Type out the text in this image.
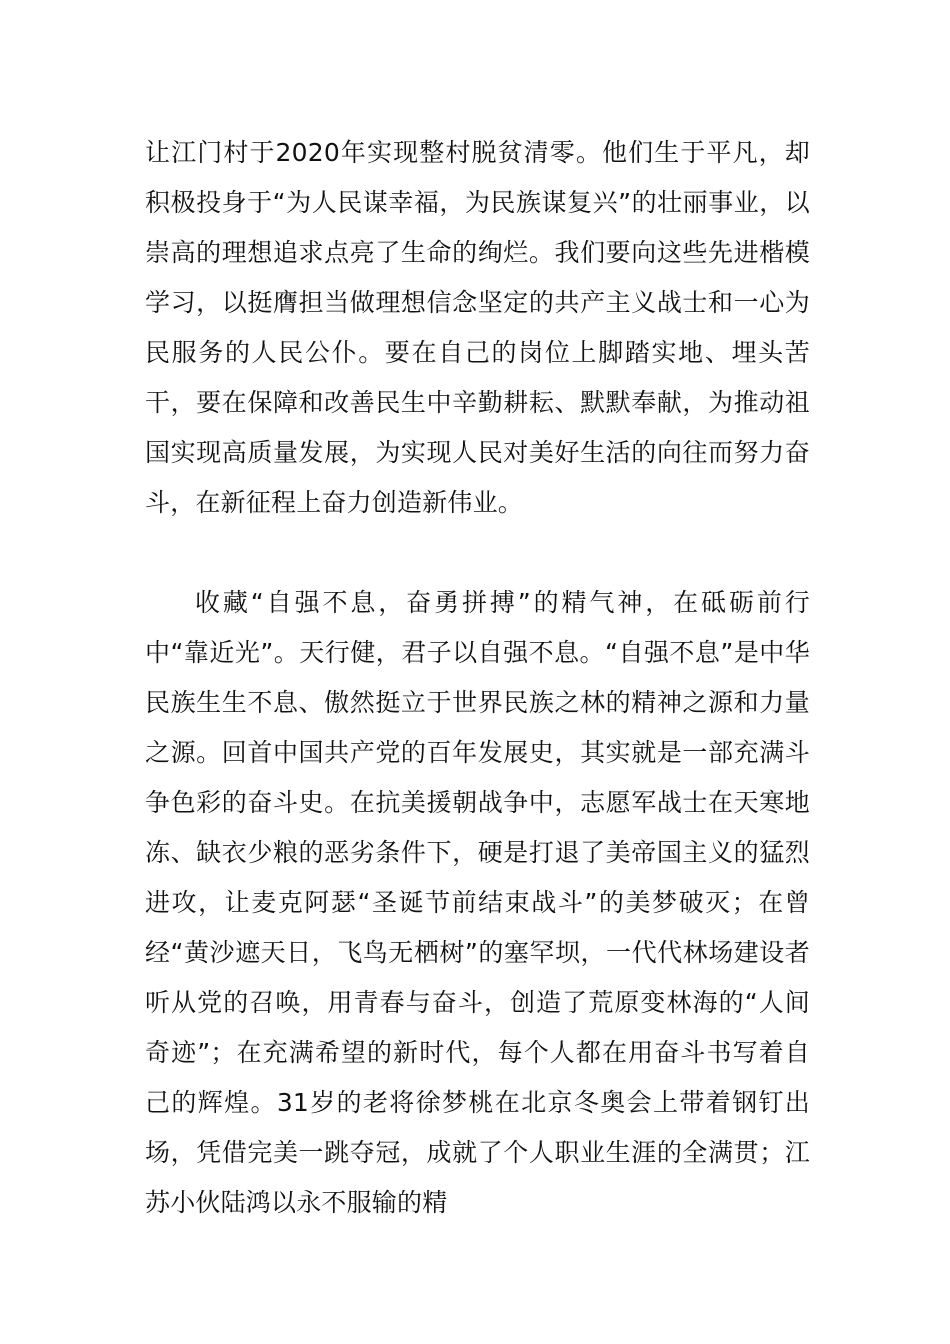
让江门村于2020年实现整村脱贫清零。他们生于平凡，却积极投身于“为人民谋幸福，为民族谋复兴”的壮丽事业，以崇高的理想追求点亮了生命的绚烂。我们要向这些先进楷模学习，以挺膺担当做理想信念坚定的共产主义战士和一心为民服务的人民公仆。要在自己的岗位上脚踏实地、埋头苦干，要在保障和改善民生中辛勤耕耘、默默奉献，为推动祖国实现高质量发展，为实现人民对美好生活的向往而努力奋斗，在新征程上奋力创造新伟业。

收藏“自强不息，奋勇拼搏”的精气神，在砥砺前行中“靠近光”。天行健，君子以自强不息。“自强不息”是中华民族生生不息、傲然挺立于世界民族之林的精神之源和力量之源。回首中国共产党的百年发展史，其实就是一部充满斗争色彩的奋斗史。在抗美援朝战争中，志愿军战士在天寒地冻、缺衣少粮的恶劣条件下，硬是打退了美帝国主义的猛烈进攻，让麦克阿瑟“圣诞节前结束战斗”的美梦破灭；在曾经“黄沙遮天日，飞鸟无栖树”的塞罕坝，一代代林场建设者听从党的召唤，用青春与奋斗，创造了荒原变林海的“人间奇迹”；在充满希望的新时代，每个人都在用奋斗书写着自己的辉煌。31岁的老将徐梦桃在北京冬奥会上带着钢钉出场，凭借完美一跳夺冠，成就了个人职业生涯的全满贯；江苏小伙陆鸿以永不服输的精
